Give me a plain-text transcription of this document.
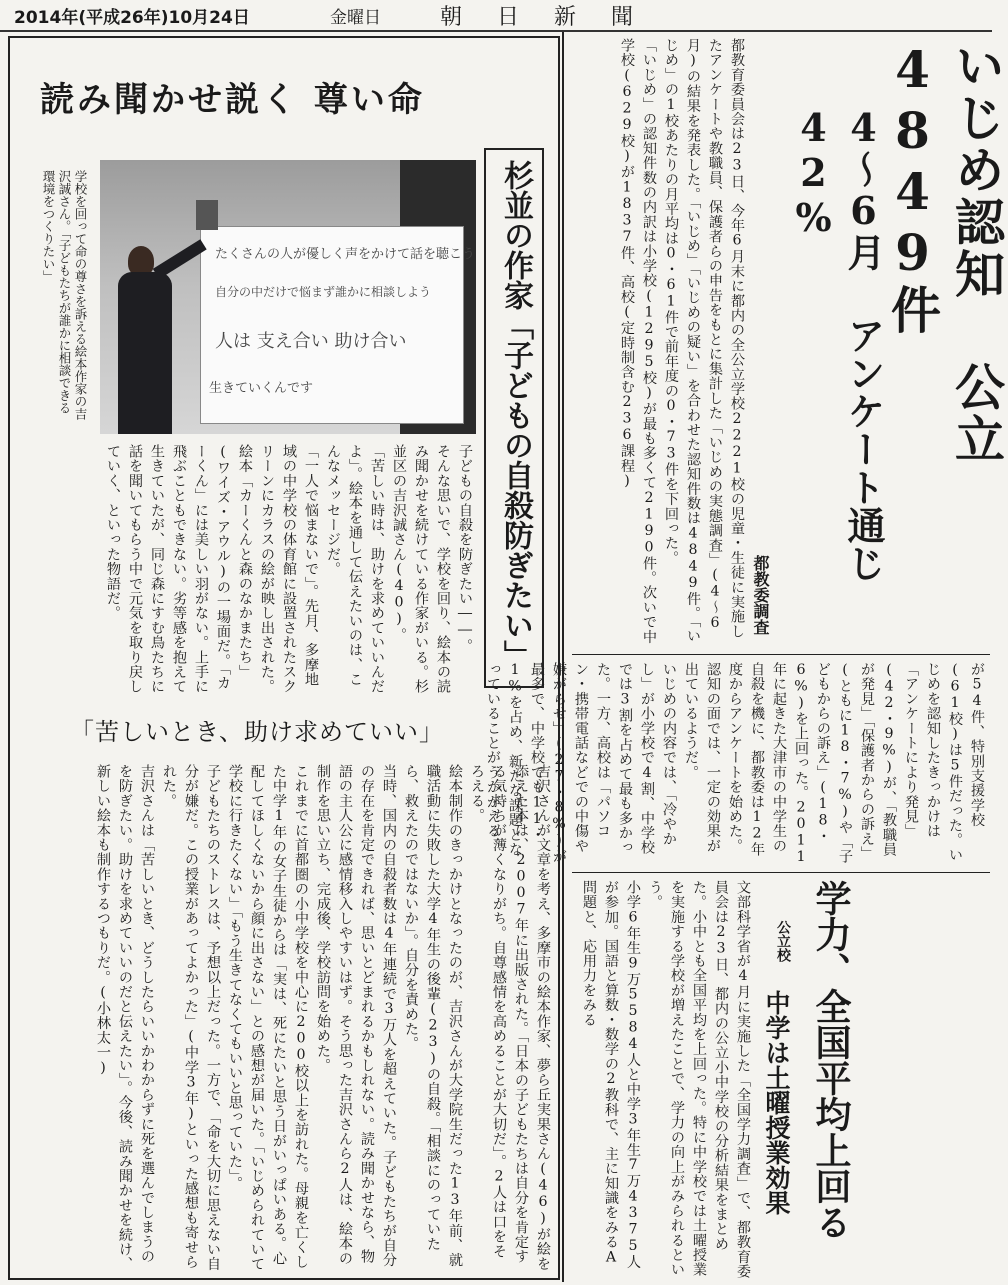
2014年(平成26年)10月24日	金曜日	朝 日 新 聞
いじめ認知 公立4849件
4～6月 アンケート通じ42%
都教委調査
都教育委員会は23日、今年6月末に都内の全公立学校2221校の児童・生徒に実施したアンケートや教職員、保護者らの申告をもとに集計した「いじめの実態調査」(4～6月)の結果を発表した。「いじめ」「いじめの疑い」を合わせた認知件数は4849件。「いじめ」の1校あたりの月平均は0・61件で前年度の0・73件を下回った。
「いじめ」の認知件数の内訳は小学校(1295校)が最も多くて2190件。次いで中学校(629校)が1837件、高校(定時制含む236課程)
が54件、特別支援学校(61校)は5件だった。いじめを認知したきっかけは「アンケートにより発見」(42・9%)が、「教職員が発見」「保護者からの訴え」(ともに18・7%)や「子どもからの訴え」(18・6%)を上回った。2011年に起きた大津市の中学生の自殺を機に、都教委は12年度からアンケートを始めた。認知の面では、一定の効果が出ているようだ。
いじめの内容では、「冷やかし」が小学校で4割、中学校では3割を占めて最も多かった。一方、高校は「パソコン・携帯電話などでの中傷や嫌がらせ」(27・8%)が最多で、中学校でも11・1%を占め、新たな課題となっていることがうかがえる。
学力、全国平均上回る
公立校
中学は土曜授業効果
文部科学省が4月に実施した「全国学力調査」で、都教育委員会は23日、都内の公立小中学校の分析結果をまとめた。小中とも全国平均を上回った。特に中学校では土曜授業を実施する学校が増えたことで、学力の向上がみられるという。
小学6年生9万5584人と中学3年生7万4375人が参加。国語と算数・数学の2教科で、主に知識をみるA問題と、応用力をみる
読み聞かせ説く 尊い命
杉並の作家「子どもの自殺防ぎたい」
学校を回って命の尊さを訴える絵本作家の吉沢誠さん。「子どもたちが誰かに相談できる環境をつくりたい」	たくさんの人が優しく声をかけて話を聴こう
自分の中だけで悩まず誰かに相談しよう
人は 支え合い 助け合い
生きていくんです
子どもの自殺を防ぎたい――。
そんな思いで、学校を回り、絵本の読み聞かせを続けている作家がいる。杉並区の吉沢誠さん(40)。
「苦しい時は、助けを求めていいんだよ」。絵本を通して伝えたいのは、こんなメッセージだ。
「一人で悩まないで」。先月、多摩地域の中学校の体育館に設置されたスクリーンにカラスの絵が映し出された。絵本「カーくんと森のなかまたち」(ワイズ・アウル)の一場面だ。「カーくん」には美しい羽がない。上手に飛ぶこともできない。劣等感を抱えて生きていたが、同じ森にすむ鳥たちに話を聞いてもらう中で元気を取り戻していく、といった物語だ。
「苦しいとき、助け求めていい」
吉沢さんが文章を考え、多摩市の絵本作家、夢ら丘実果さん(46)が絵を添えた本は、2007年に出版された。「日本の子どもたちは自分を肯定する気持ちが薄くなりがち。自尊感情を高めることが大切だ」。2人は口をそろえる。
絵本制作のきっかけとなったのが、吉沢さんが大学院生だった13年前、就職活動に失敗した大学4年生の後輩(23)の自殺。「相談にのっていたら、救えたのではないか」。自分を責めた。
当時、国内の自殺者数は4年連続で3万人を超えていた。子どもたちが自分の存在を肯定できれば、思いとどまれるかもしれない。読み聞かせなら、物語の主人公に感情移入しやすいはず。そう思った吉沢さんら2人は、絵本の制作を思い立ち、完成後、学校訪問を始めた。
これまでに首都圏の小中学校を中心に200校以上を訪れた。母親を亡くした中学1年の女子生徒からは「実は、死にたいと思う日がいっぱいある。心配してほしくないから顔に出さない」との感想が届いた。「いじめられていて学校に行きたくない」「もう生きてなくてもいいと思っていた」。
子どもたちのストレスは、予想以上だった。一方で、「命を大切に思えない自分が嫌だ。この授業があってよかった」(中学3年)といった感想も寄せられた。
吉沢さんは「苦しいとき、どうしたらいいかわからずに死を選んでしまうのを防ぎたい。助けを求めていいのだと伝えたい」。今後、読み聞かせを続け、新しい絵本も制作するつもりだ。(小林太一)
